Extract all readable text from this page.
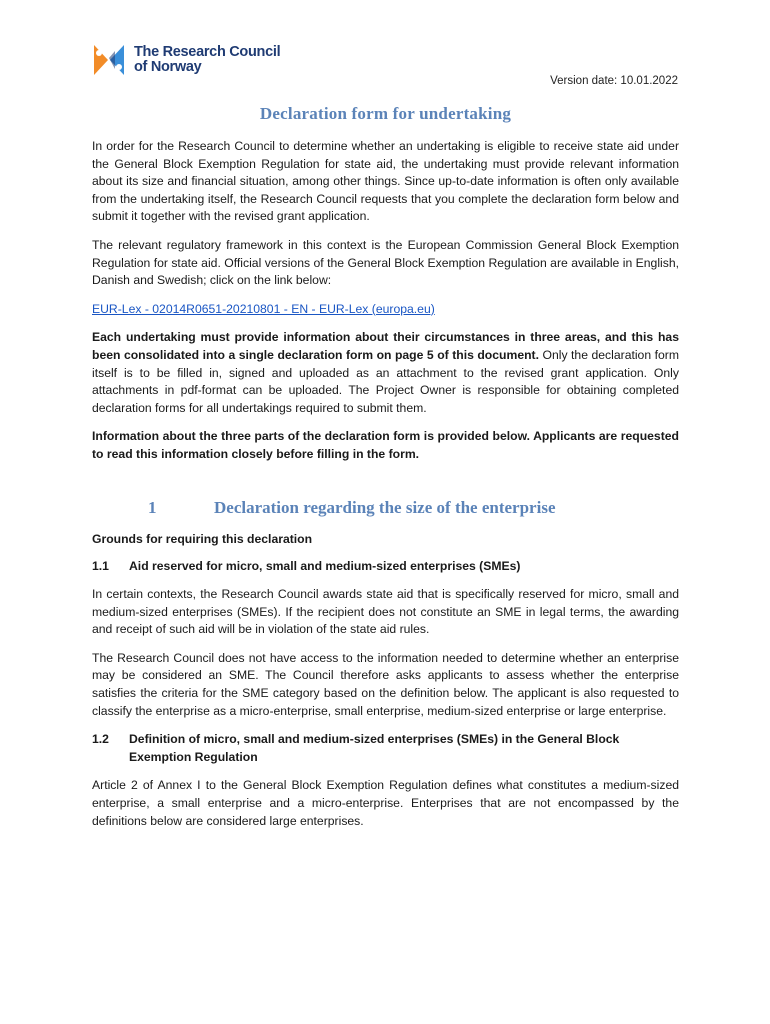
The Research Council
of Norway
Version date: 10.01.2022
Declaration form for undertaking

In order for the Research Council to determine whether an undertaking is eligible to receive state aid under the General Block Exemption Regulation for state aid, the undertaking must provide relevant information about its size and financial situation, among other things. Since up-to-date information is often only available from the undertaking itself, the Research Council requests that you complete the declaration form below and submit it together with the revised grant application.

The relevant regulatory framework in this context is the European Commission General Block Exemption Regulation for state aid. Official versions of the General Block Exemption Regulation are available in English, Danish and Swedish; click on the link below:

EUR-Lex - 02014R0651-20210801 - EN - EUR-Lex (europa.eu)

Each undertaking must provide information about their circumstances in three areas, and this has been consolidated into a single declaration form on page 5 of this document. Only the declaration form itself is to be filled in, signed and uploaded as an attachment to the revised grant application. Only attachments in pdf-format can be uploaded. The Project Owner is responsible for obtaining completed declaration forms for all undertakings required to submit them.

Information about the three parts of the declaration form is provided below. Applicants are requested to read this information closely before filling in the form.

1	Declaration regarding the size of the enterprise
Grounds for requiring this declaration
1.1	Aid reserved for micro, small and medium-sized enterprises (SMEs)

In certain contexts, the Research Council awards state aid that is specifically reserved for micro, small and medium-sized enterprises (SMEs). If the recipient does not constitute an SME in legal terms, the awarding and receipt of such aid will be in violation of the state aid rules.

The Research Council does not have access to the information needed to determine whether an enterprise may be considered an SME. The Council therefore asks applicants to assess whether the enterprise satisfies the criteria for the SME category based on the definition below. The applicant is also requested to classify the enterprise as a micro-enterprise, small enterprise, medium-sized enterprise or large enterprise.

1.2	Definition of micro, small and medium-sized enterprises (SMEs) in the General Block Exemption Regulation

Article 2 of Annex I to the General Block Exemption Regulation defines what constitutes a medium-sized enterprise, a small enterprise and a micro-enterprise. Enterprises that are not encompassed by the definitions below are considered large enterprises.
